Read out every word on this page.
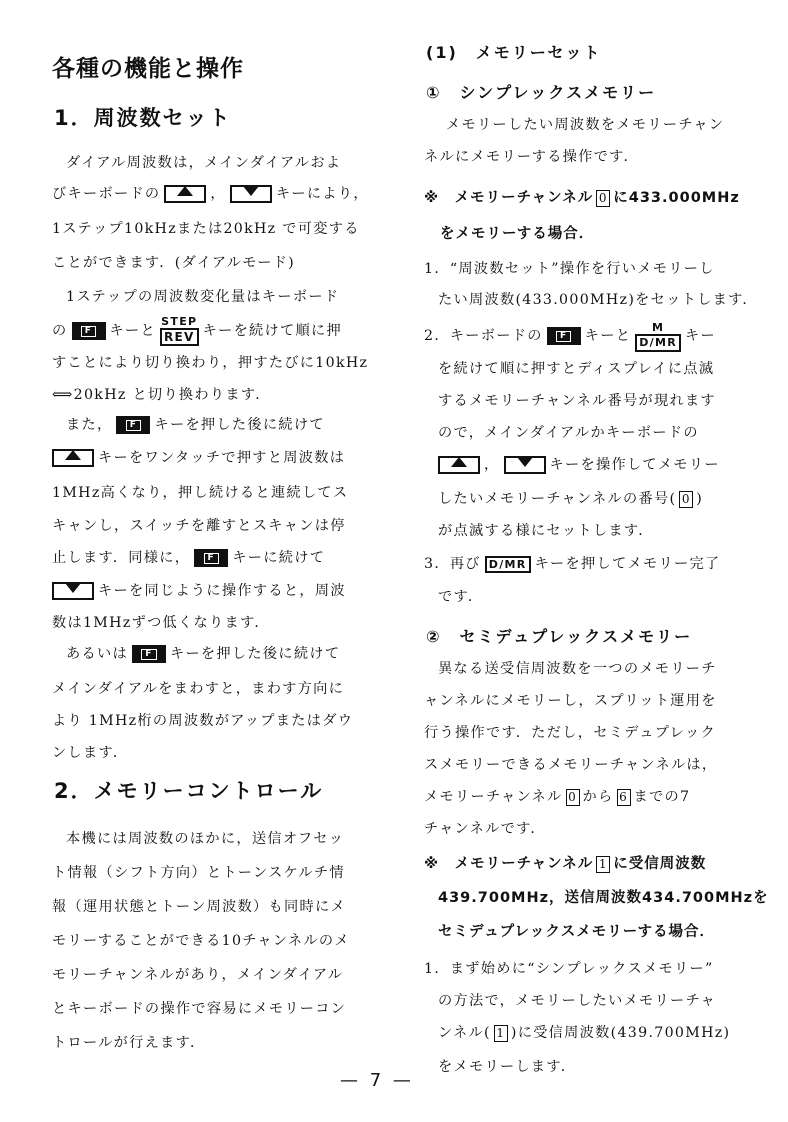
各種の機能と操作
1．周波数セット
ダイアル周波数は，メインダイアルおよ
びキーボードの	，	キーにより，
1ステップ10kHzまたは20kHz で可変する
ことができます．(ダイアルモード)
1ステップの周波数変化量はキーボード
の F キーと
STEP
REV キーを続けて順に押
すことにより切り換わり，押すたびに10kHz
⟺20kHz と切り換わります．
また， F キーを押した後に続けて
キーをワンタッチで押すと周波数は
1MHz高くなり，押し続けると連続してス
キャンし，スイッチを離すとスキャンは停
止します．同様に， F キーに続けて
キーを同じように操作すると，周波
数は1MHzずつ低くなります．
あるいは F キーを押した後に続けて
メインダイアルをまわすと，まわす方向に
より 1MHz桁の周波数がアップまたはダウ
ンします．
2．メモリーコントロール
本機には周波数のほかに，送信オフセッ
ト情報（シフト方向）とトーンスケルチ情
報（運用状態とトーン周波数）も同時にメ
モリーすることができる10チャンネルのメ
モリーチャンネルがあり，メインダイアル
とキーボードの操作で容易にメモリーコン
トロールが行えます．
(1)　メモリーセット
①　シンプレックスメモリー
メモリーしたい周波数をメモリーチャン
ネルにメモリーする操作です．
※　メモリーチャンネル 0 に433.000MHz
をメモリーする場合．
1．“周波数セット”操作を行いメモリーし
たい周波数(433.000MHz)をセットします．
2．キーボードの F キーと $\frac{M}{D/MR}$ キー
を続けて順に押すとディスプレイに点滅
するメモリーチャンネル番号が現れます
ので，メインダイアルかキーボードの
，	キーを操作してメモリー
したいメモリーチャンネルの番号( 0 )
が点滅する様にセットします．
3．再び D/MR キーを押してメモリー完了
です．
②　セミデュプレックスメモリー
異なる送受信周波数を一つのメモリーチ
ャンネルにメモリーし，スプリット運用を
行う操作です．ただし，セミデュプレック
スメモリーできるメモリーチャンネルは，
メモリーチャンネル 0 から 6 までの7
チャンネルです．
※　メモリーチャンネル 1 に受信周波数
439.700MHz，送信周波数434.700MHzを
セミデュプレックスメモリーする場合．
1．まず始めに“シンプレックスメモリー”
の方法で，メモリーしたいメモリーチャ
ンネル( 1 )に受信周波数(439.700MHz)
をメモリーします．
— 7 —
